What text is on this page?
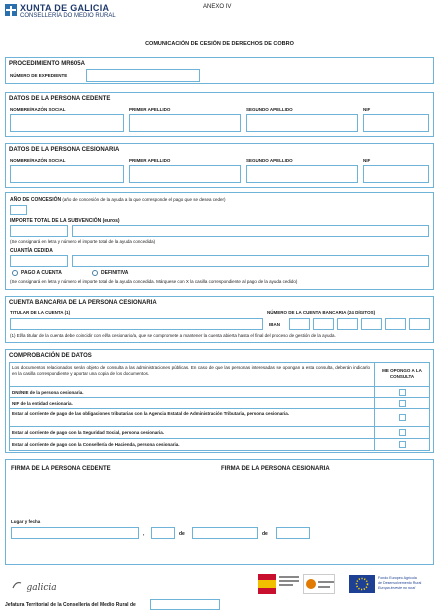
XUNTA DE GALICIA
CONSELLERÍA DO MEDIO RURAL
ANEXO IV
COMUNICACIÓN DE CESIÓN DE DERECHOS DE COBRO
PROCEDIMIENTO MR605A
NÚMERO DE EXPEDIENTE
DATOS DE LA PERSONA CEDENTE
NOMBRE/RAZÓN SOCIAL	PRIMER APELLIDO	SEGUNDO APELLIDO	NIF
DATOS DE LA PERSONA CESIONARIA
NOMBRE/RAZÓN SOCIAL	PRIMER APELLIDO	SEGUNDO APELLIDO	NIF
AÑO DE CONCESIÓN (año de concesión de la ayuda a la que corresponde el pago que se desea ceder)
IMPORTE TOTAL DE LA SUBVENCIÓN (euros)
(Se consignará en letra y número el importe total de la ayuda concedida)
CUANTÍA CEDIDA
PAGO A CUENTA	DEFINITIVA
(Se consignará en letra y número el importe total de la ayuda concedida. Márquese con X la casilla correspondiente al pago de la ayuda cedido)
CUENTA BANCARIA DE LA PERSONA CESIONARIA
TITULAR DE LA CUENTA (1)	NÚMERO DE LA CUENTA BANCARIA (24 DÍGITOS)
IBAN
(1) El/la titular de la cuenta debe coincidir con el/la cesionario/a, que se compromete a mantener la cuenta abierta hasta el final del proceso de gestión de la ayuda.
COMPROBACIÓN DE DATOS
Los documentos relacionados serán objeto de consulta a las administraciones públicas. En caso de que las personas interesadas se opongan a esta consulta, deberán indicarlo en la casilla correspondiente y aportar una copia de los documentos.	ME OPONGO A LA CONSULTA
DNI/NIE de la persona cesionaria.
NIF de la entidad cesionaria.
Estar al corriente de pago de las obligaciones tributarias con la Agencia Estatal de Administración Tributaria, persona cesionaria.
Estar al corriente de pago con la Seguridad Social, persona cesionaria.
Estar al corriente de pago con la Consellería de Hacienda, persona cesionaria.
FIRMA DE LA PERSONA CEDENTE	FIRMA DE LA PERSONA CESIONARIA
Lugar y fecha
,	de	de
galicia
Fondo Europeo Agrícola
de Desenvolvemento Rural
Europa investe no rural
Jefatura Territorial de la Consellería del Medio Rural de
